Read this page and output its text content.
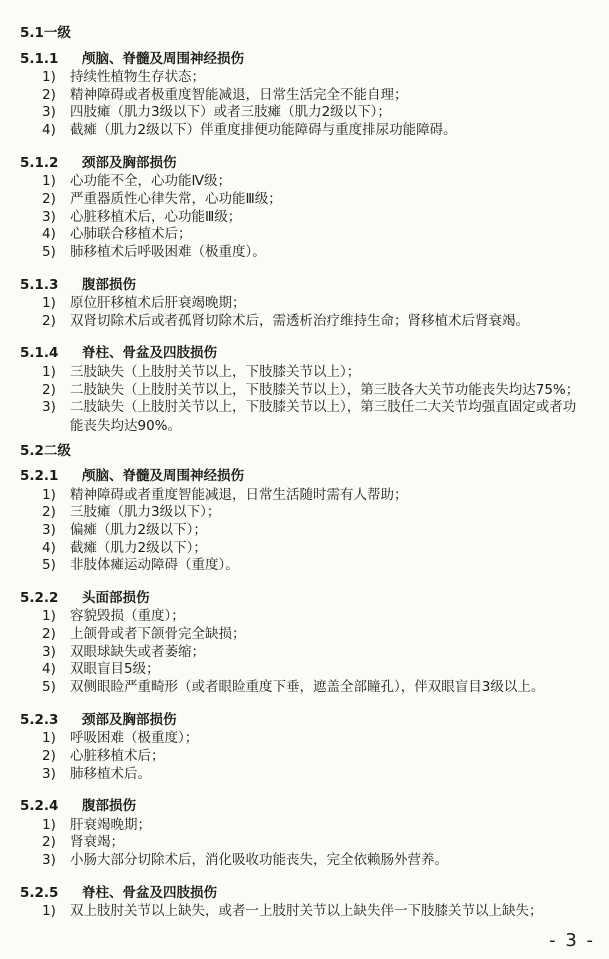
5.1一级
5.1.1 颅脑、脊髓及周围神经损伤
1)	持续性植物生存状态；
2)	精神障碍或者极重度智能减退，日常生活完全不能自理；
3)	四肢瘫（肌力3级以下）或者三肢瘫（肌力2级以下）；
4)	截瘫（肌力2级以下）伴重度排便功能障碍与重度排尿功能障碍。
5.1.2 颈部及胸部损伤
1)	心功能不全，心功能Ⅳ级；
2)	严重器质性心律失常，心功能Ⅲ级；
3)	心脏移植术后，心功能Ⅲ级；
4)	心肺联合移植术后；
5)	肺移植术后呼吸困难（极重度）。
5.1.3 腹部损伤
1)	原位肝移植术后肝衰竭晚期；
2)	双肾切除术后或者孤肾切除术后，需透析治疗维持生命；肾移植术后肾衰竭。
5.1.4 脊柱、骨盆及四肢损伤
1)	三肢缺失（上肢肘关节以上，下肢膝关节以上）；
2)	二肢缺失（上肢肘关节以上，下肢膝关节以上），第三肢各大关节功能丧失均达75%；
3)	二肢缺失（上肢肘关节以上，下肢膝关节以上），第三肢任二大关节均强直固定或者功能丧失均达90%。
5.2二级
5.2.1 颅脑、脊髓及周围神经损伤
1)	精神障碍或者重度智能减退，日常生活随时需有人帮助；
2)	三肢瘫（肌力3级以下）；
3)	偏瘫（肌力2级以下）；
4)	截瘫（肌力2级以下）；
5)	非肢体瘫运动障碍（重度）。
5.2.2 头面部损伤
1)	容貌毁损（重度）；
2)	上颌骨或者下颌骨完全缺损；
3)	双眼球缺失或者萎缩；
4)	双眼盲目5级；
5)	双侧眼睑严重畸形（或者眼睑重度下垂，遮盖全部瞳孔），伴双眼盲目3级以上。
5.2.3 颈部及胸部损伤
1)	呼吸困难（极重度）；
2)	心脏移植术后；
3)	肺移植术后。
5.2.4 腹部损伤
1)	肝衰竭晚期；
2)	肾衰竭；
3)	小肠大部分切除术后，消化吸收功能丧失，完全依赖肠外营养。
5.2.5 脊柱、骨盆及四肢损伤
1)	双上肢肘关节以上缺失，或者一上肢肘关节以上缺失伴一下肢膝关节以上缺失；
- 3 -
